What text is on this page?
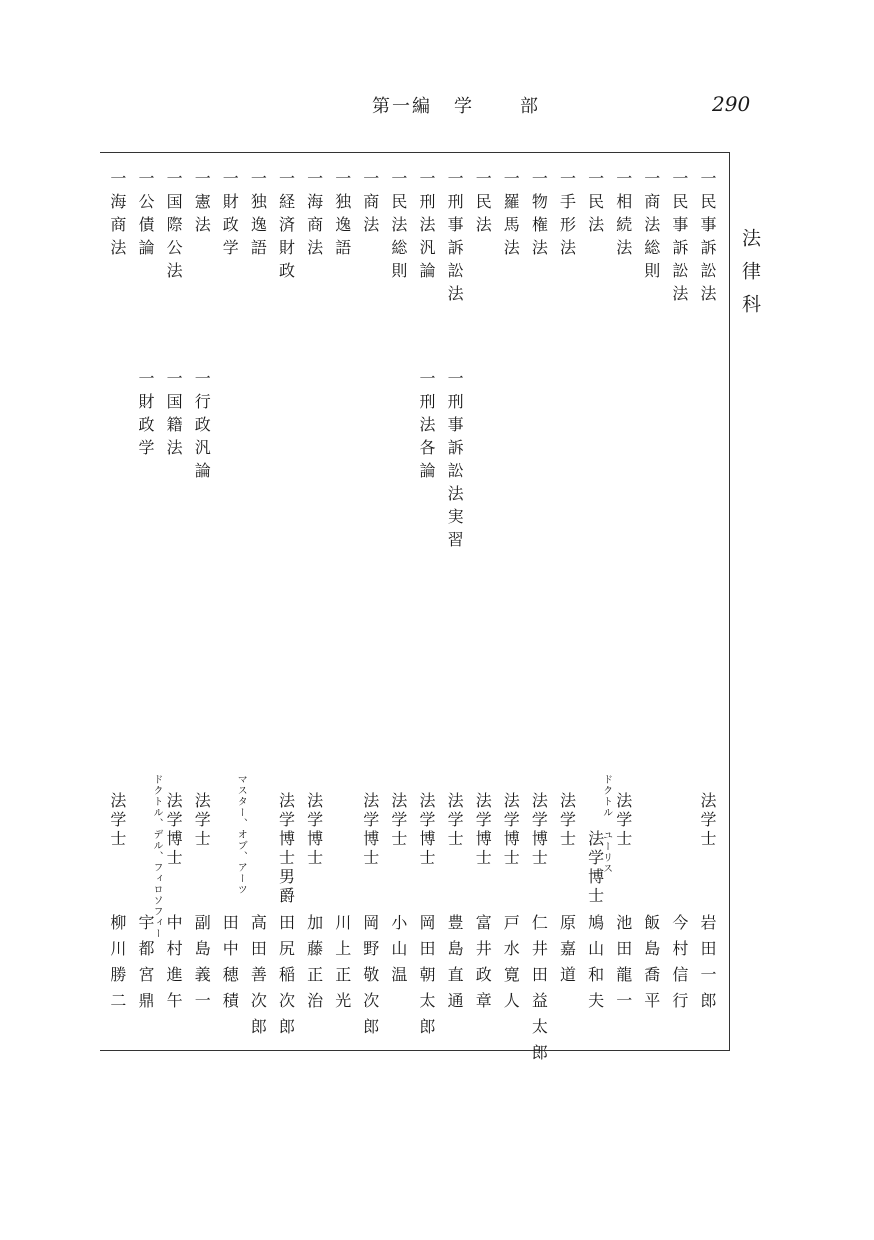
第一編 学	部	290
法律科
一民事訴訟法
法学士
岩田一郎
一民事訴訟法
今村信行
一商法総則
飯島喬平
一相続法
法学士
池田龍一
一民法
ドクトル ユーリス
法学博士
鳩山和夫
一手形法
法学士
原嘉道
一物権法
法学博士
仁井田益太郎
一羅馬法
法学博士
戸水寛人
一民法
法学博士
富井政章
一刑事訴訟法
一刑事訴訟法実習
法学士
豊島直通
一刑法汎論
一刑法各論
法学博士
岡田朝太郎
一民法総則
法学士
小山温
一商法
法学博士
岡野敬次郎
一独逸語
川上正光
一海商法
法学博士
加藤正治
一経済財政
法学博士男爵
田尻稲次郎
一独逸語
高田善次郎
一財政学
マスター、オブ、アーツ
田中穂積
一憲法
一行政汎論
法学士
副島義一
一国際公法
一国籍法
法学博士
中村進午
一公債論
一財政学
ドクトル、デル、フィロソフィー
宇都宮鼎
一海商法
法学士
柳川勝二
